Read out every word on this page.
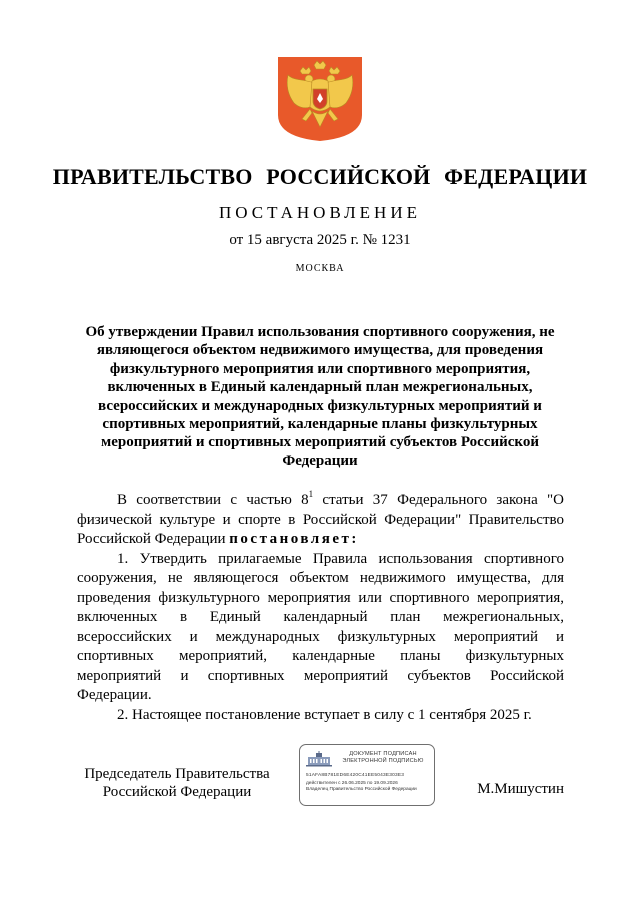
ПРАВИТЕЛЬСТВО РОССИЙСКОЙ ФЕДЕРАЦИИ
ПОСТАНОВЛЕНИЕ
от 15 августа 2025 г. № 1231
МОСКВА
Об утверждении Правил использования спортивного сооружения, не являющегося объектом недвижимого имущества, для проведения физкультурного мероприятия или спортивного мероприятия, включенных в Единый календарный план межрегиональных, всероссийских и международных физкультурных мероприятий и спортивных мероприятий, календарные планы физкультурных мероприятий и спортивных мероприятий субъектов Российской Федерации

В соответствии с частью $8^1$ статьи 37 Федерального закона "О физической культуре и спорте в Российской Федерации" Правительство Российской Федерации постановляет:

1. Утвердить прилагаемые Правила использования спортивного сооружения, не являющегося объектом недвижимого имущества, для проведения физкультурного мероприятия или спортивного мероприятия, включенных в Единый календарный план межрегиональных, всероссийских и международных физкультурных мероприятий и спортивных мероприятий, календарные планы физкультурных мероприятий и спортивных мероприятий субъектов Российской Федерации.

2. Настоящее постановление вступает в силу с 1 сентября 2025 г.

Председатель Правительства
Российской Федерации
ДОКУМЕНТ ПОДПИСАН
ЭЛЕКТРОННОЙ ПОДПИСЬЮ
51AFA8B781ED6E420C41EE5043E303E3
действителен с 26.06.2025 по 19.09.2026
Владелец Правительство Российской Федерации	М.Мишустин
